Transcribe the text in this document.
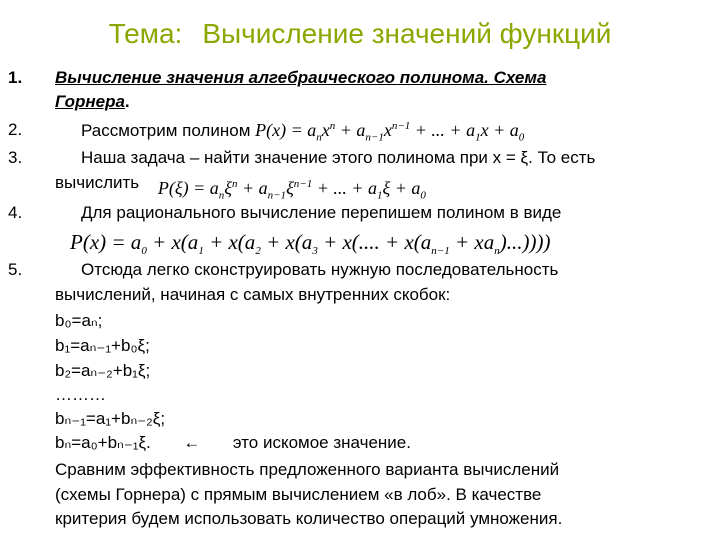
Тема: Вычисление значений функций
1.
2.
3.
4.
5.
Вычисление значения алгебраического полинома. Схема
Горнера.
Рассмотрим полином $P(x) = a_nx^n + a_{n-1}x^{n-1}$ + ... + $a_1x + a_0$
Наша задача – найти значение этого полинома при x = ξ. То есть
вычислить $P(\xi) = a_n\xi^n + a_{n-1}\xi^{n-1}$ + ... + $a_1\xi + a_0$
Для рационального вычисление перепишем полином в виде
$P(x) = a_0 + x(a_1 + x(a_2 + x(a_3 + x$(.... + $x(a_{n-1} + xa_n)$...))))
Отсюда легко сконструировать нужную последовательность
вычислений, начиная с самых внутренних скобок:
b₀=aₙ;
b₁=aₙ₋₁+b₀ξ;
b₂=aₙ₋₂+b₁ξ;
………
bₙ₋₁=a₁+bₙ₋₂ξ;
bₙ=a₀+bₙ₋₁ξ. ← это искомое значение.
Сравним эффективность предложенного варианта вычислений
(схемы Горнера) с прямым вычислением «в лоб». В качестве
критерия будем использовать количество операций умножения.
